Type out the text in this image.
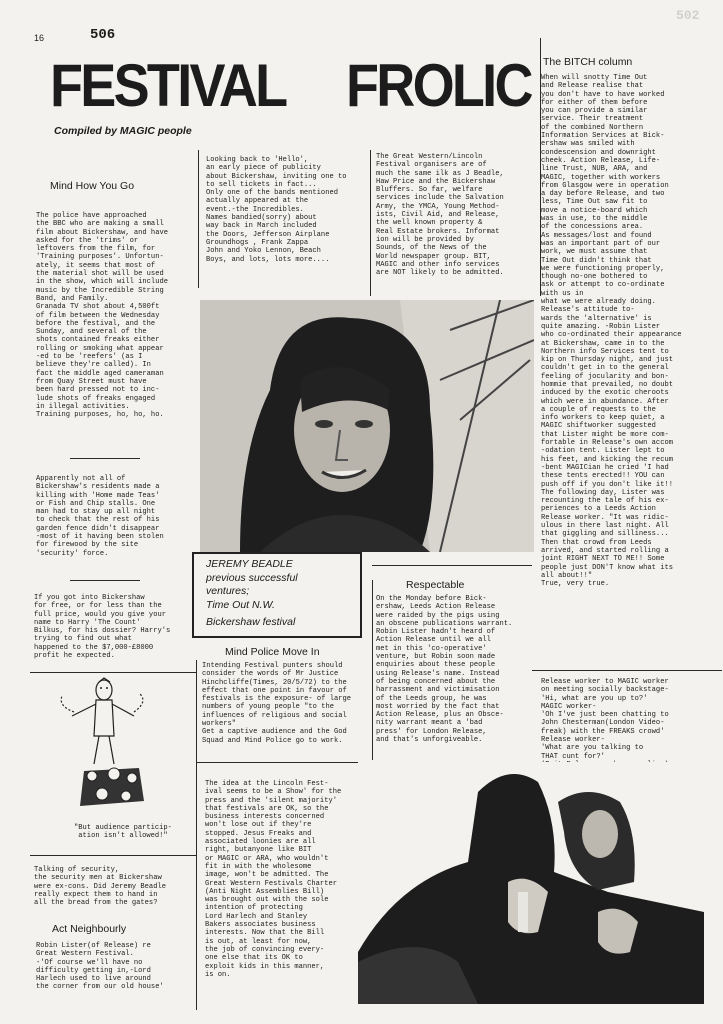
16	506
502
FESTIVAL FROLIC
Compiled by MAGIC people
Mind How You Go
The police have approached
the BBC who are making a small
film about Bickershaw, and have
asked for the 'trims' or
leftovers from the film, for
'Training purposes'. Unfortun-
ately, it seems that most of
the material shot will be used
in the show, which will include
music by the Incredible String
Band, and Family.
Granada TV shot about 4,500ft
of film between the Wednesday
before the festival, and the
Sunday, and several of the
shots contained freaks either
rolling or smoking what appear
-ed to be 'reefers' (as I
believe they're called). In
fact the middle aged cameraman
from Quay Street must have
been hard pressed not to inc-
lude shots of freaks engaged
in illegal activities.
Training purposes, ho, ho, ho.
Apparently not all of
Bickershaw's residents made a
killing with 'Home made Teas'
or Fish and Chip stalls. One
man had to stay up all night
to check that the rest of his
garden fence didn't disappear
-most of it having been stolen
for firewood by the site
'security' force.
If you got into Bickershaw
for free, or for less than the
full price, would you give your
name to Harry 'The Count'
Bilkus, for his dossier? Harry's
trying to find out what
happened to the $7,000-£8000
profit he expected.
"But audience particip-
ation isn't allowed!"
Talking of security,
the security men at Bickershaw
were ex-cons. Did Jeremy Beadle
really expect them to hand in
all the bread from the gates?
Act Neighbourly
Robin Lister(of Release) re
Great Western Festival.
-'Of course we'll have no
difficulty getting in,-Lord
Harlech used to live around
the corner from our old house'
Looking back to 'Hello',
an early piece of publicity
about Bickershaw, inviting one to
to sell tickets in fact...
Only one of the bands mentioned
actually appeared at the
event.-the Incredibles.
Names bandied(sorry) about
way back in March included
the Doors, Jefferson Airplane
Groundhogs , Frank Zappa
John and Yoko Lennon, Beach
Boys, and lots, lots more....
The Great Western/Lincoln
Festival organisers are of
much the same ilk as J Beadle,
Haw Price and the Bickershaw
Bluffers. So far, welfare
services include the Salvation
Army, the YMCA, Young Method-
ists, Civil Aid, and Release,
the well known property &
Real Estate brokers. Informat
ion will be provided by
Sounds, of the News of the
World newspaper group. BIT,
MAGIC and other info services
are NOT likely to be admitted.
JEREMY BEADLE
previous successful
ventures;
Time Out N.W.
Bickershaw festival
Mind Police Move In
Intending Festival punters should
consider the words of Mr Justice
Hinchcliffe(Times, 20/5/72) to the
effect that one point in favour of
festivals is the exposure- of large
numbers of young people "to the
influences of religious and social
workers"
Get a captive audience and the God
Squad and Mind Police go to work.
The idea at the Lincoln Fest-
ival seems to be a Show' for the
press and the 'silent majority'
that festivals are OK, so the
business interests concerned
won't lose out if they're
stopped. Jesus Freaks and
associated loonies are all
right, butanyone like BIT
or MAGIC or ARA, who wouldn't
fit in with the wholesome
image, won't be admitted. The
Great Western Festivals Charter
(Anti Night Assemblies Bill)
was brought out with the sole
intention of protecting
Lord Harlech and Stanley
Bakers associates business
interests. Now that the Bill
is out, at least for now,
the job of convincing every-
one else that its OK to
exploit kids in this manner,
is on.
Respectable
On the Monday before Bick-
ershaw, Leeds Action Release
were raided by the pigs using
an obscene publications warrant.
Robin Lister hadn't heard of
Action Release until we all
met in this 'co-operative'
venture, but Robin soon made
enquiries about these people
using Release's name. Instead
of being concerned about the
harrassment and victimisation
of the Leeds group, he was
most worried by the fact that
Action Release, plus an Obsce-
nity warrant meant a 'bad
press' for London Release,
and that's unforgiveable.
The BITCH column
When will snotty Time Out
and Release realise that
you don't have to have worked
for either of them before
you can provide a similar
service. Their treatment
of the combined Northern
Information Services at Bick-
ershaw was smiled with
condescension and downright
cheek. Action Release, Life-
line Trust, NUB, ARA, and
MAGIC, together with workers
from Glasgow were in operation
a day before Release, and two
less, Time Out saw fit to
move a notice-board which
was in use, to the middle
of the concessions area.
As messages/lost and found
was an important part of our
work, we must assume that
Time Out didn't think that
we were functioning properly,
though no-one bothered to
ask or attempt to co-ordinate
with us in
what we were already doing.
Release's attitude to-
wards the 'alternative' is
quite amazing. -Robin Lister
who co-ordinated their appearance
at Bickershaw, came in to the
Northern info Services tent to
kip on Thursday night, and just
couldn't get in to the general
feeling of jocularity and bon-
hommie that prevailed, no doubt
induced by the exotic cheroots
which were in abundance. After
a couple of requests to the
info workers to keep quiet, a
MAGIC shiftworker suggested
that Lister might be more com-
fortable in Release's own accom
-odation tent. Lister lept to
his feet, and kicking the recum
-bent MAGICian he cried 'I had
these tents erected!! YOU can
push off if you don't like it!!
The following day, Lister was
recounting the tale of his ex-
periences to a Leeds Action
Release worker. "It was ridic-
ulous in there last night. All
that giggling and silliness...
Then that crowd from Leeds
arrived, and started rolling a
joint RIGHT NEXT TO ME!! Some
people just DON'T know what its
all about!!"
True, very true.
Release worker to MAGIC worker
on meeting socially backstage-
'Hi, what are you up to?'
MAGIC worker-
'Oh I've just been chatting to
John Chesterman(London Video-
freak) with the FREAKS crowd'
Release worker-
'What are you talking to
THAT cunt for?'
